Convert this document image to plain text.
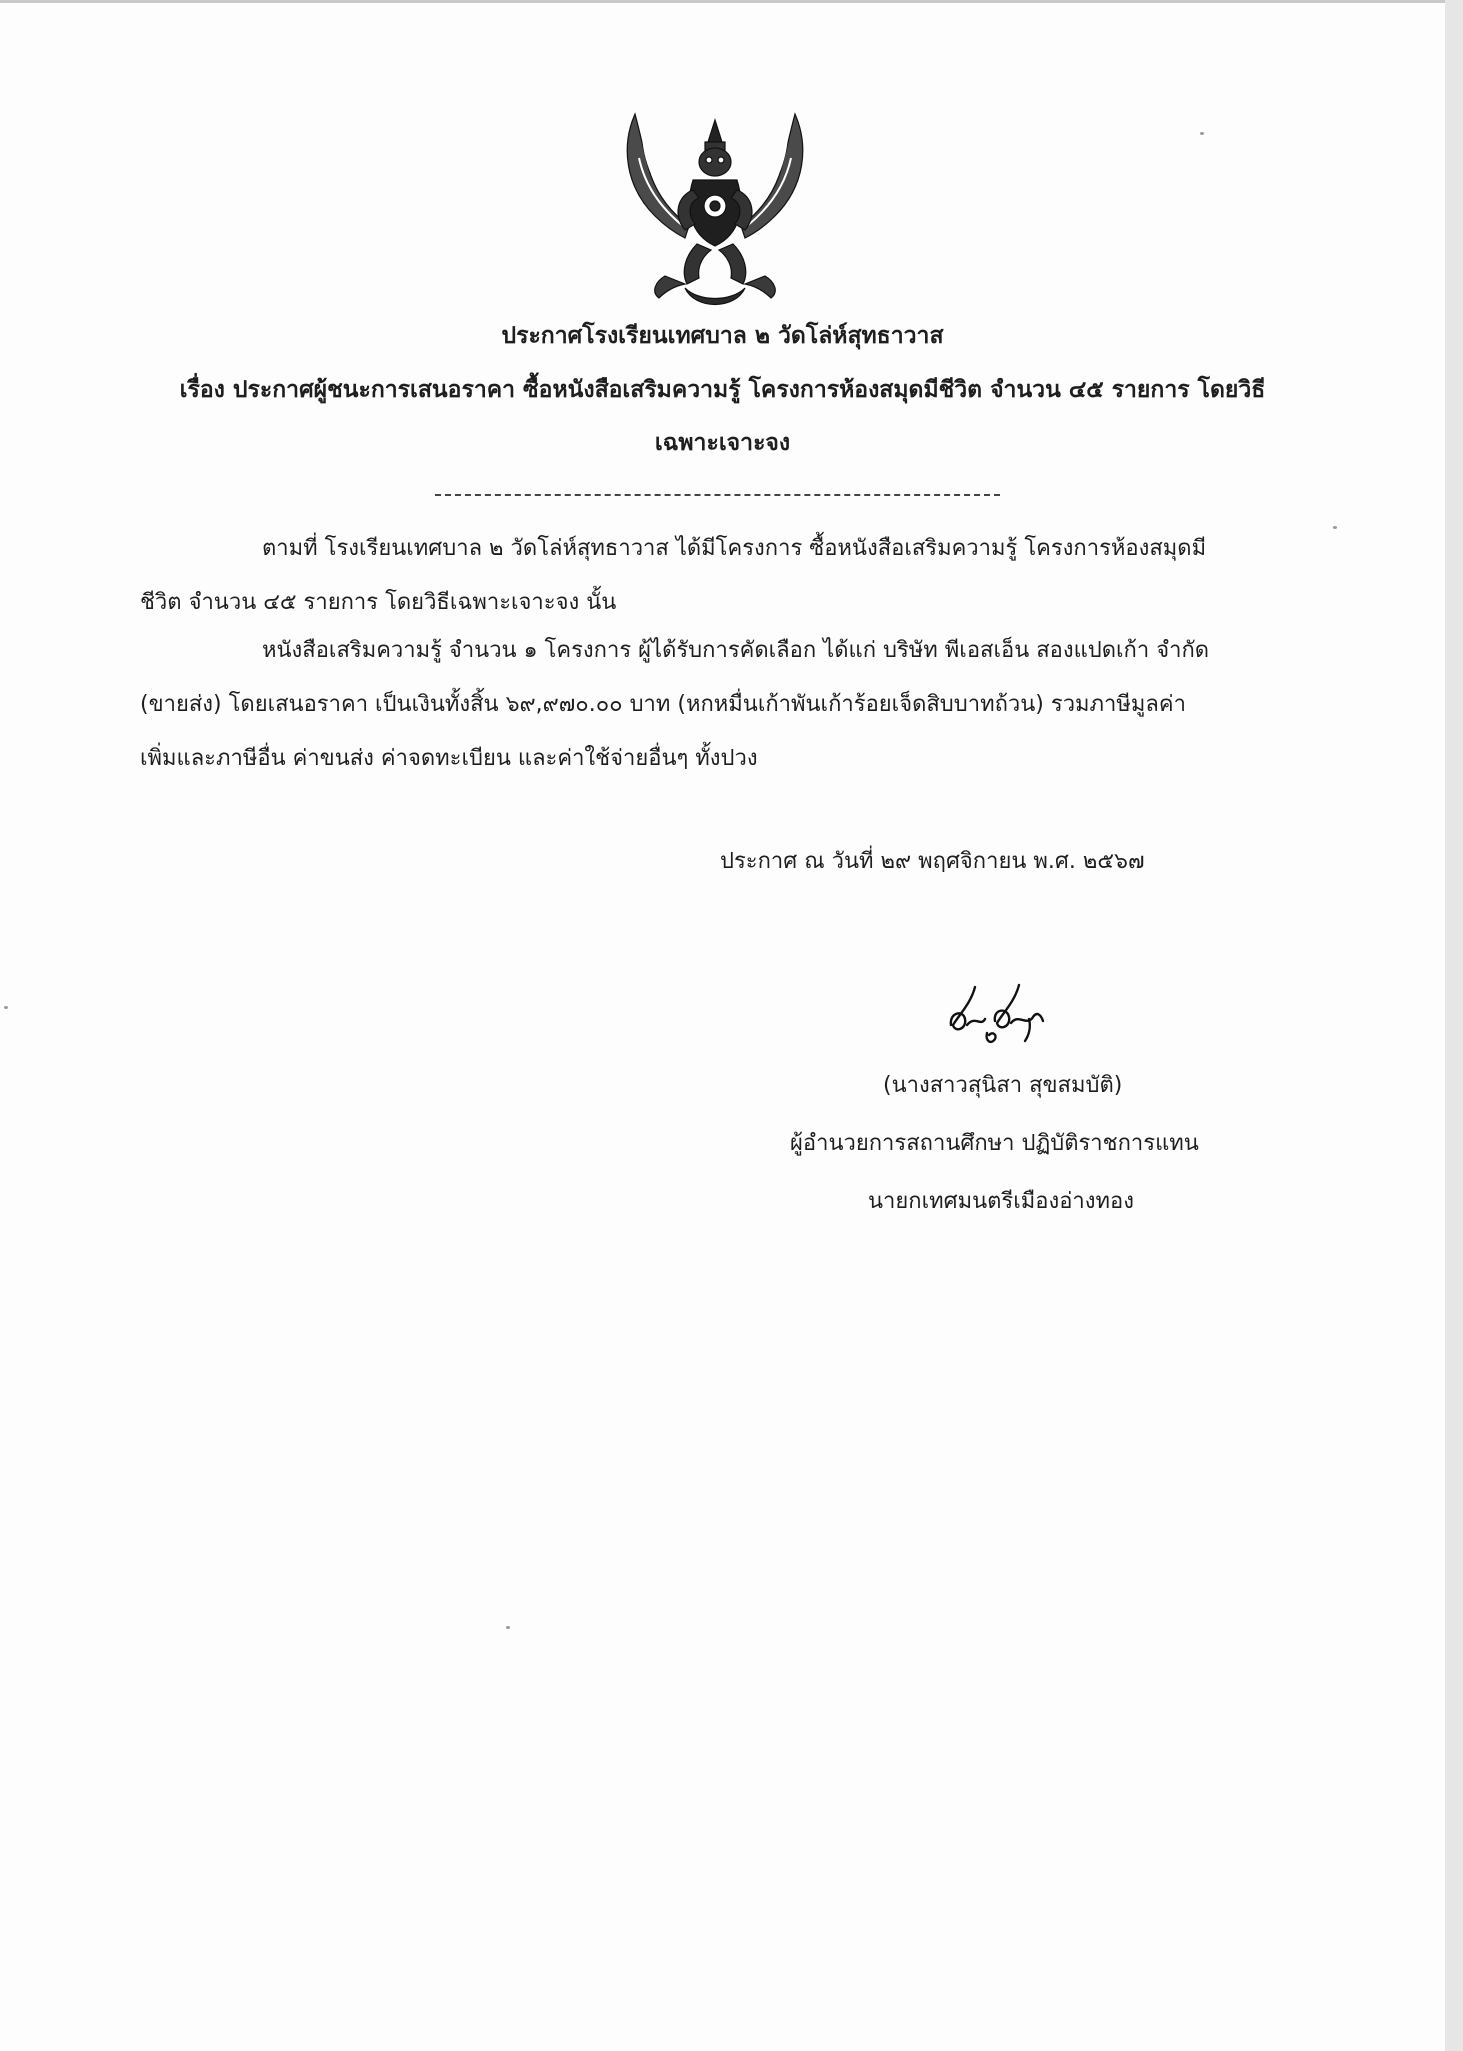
ประกาศโรงเรียนเทศบาล ๒ วัดโล่ห์สุทธาวาส
เรื่อง ประกาศผู้ชนะการเสนอราคา ซื้อหนังสือเสริมความรู้ โครงการห้องสมุดมีชีวิต จำนวน ๔๕ รายการ โดยวิธี
เฉพาะเจาะจง
ตามที่ โรงเรียนเทศบาล ๒ วัดโล่ห์สุทธาวาส ได้มีโครงการ ซื้อหนังสือเสริมความรู้ โครงการห้องสมุดมี
ชีวิต จำนวน ๔๕ รายการ โดยวิธีเฉพาะเจาะจง นั้น
หนังสือเสริมความรู้ จำนวน ๑ โครงการ ผู้ได้รับการคัดเลือก ได้แก่ บริษัท พีเอสเอ็น สองแปดเก้า จำกัด
(ขายส่ง) โดยเสนอราคา เป็นเงินทั้งสิ้น ๖๙,๙๗๐.๐๐ บาท (หกหมื่นเก้าพันเก้าร้อยเจ็ดสิบบาทถ้วน) รวมภาษีมูลค่า
เพิ่มและภาษีอื่น ค่าขนส่ง ค่าจดทะเบียน และค่าใช้จ่ายอื่นๆ ทั้งปวง
ประกาศ ณ วันที่ ๒๙ พฤศจิกายน พ.ศ. ๒๕๖๗
(นางสาวสุนิสา สุขสมบัติ)
ผู้อำนวยการสถานศึกษา ปฏิบัติราชการแทน
นายกเทศมนตรีเมืองอ่างทอง
